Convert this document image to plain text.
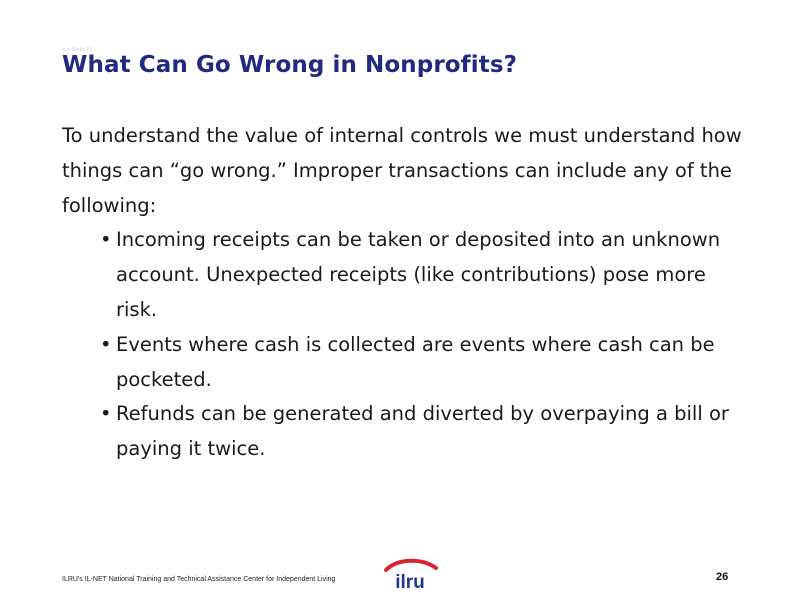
> > Slide 26
What Can Go Wrong in Nonprofits?

To understand the value of internal controls we must understand how things can “go wrong.” Improper transactions can include any of the following:

• Incoming receipts can be taken or deposited into an unknown account. Unexpected receipts (like contributions) pose more risk.
• Events where cash is collected are events where cash can be pocketed.
• Refunds can be generated and diverted by overpaying a bill or paying it twice.
ILRU's IL-NET National Training and Technical Assistance Center for Independent Living	ilru	26
